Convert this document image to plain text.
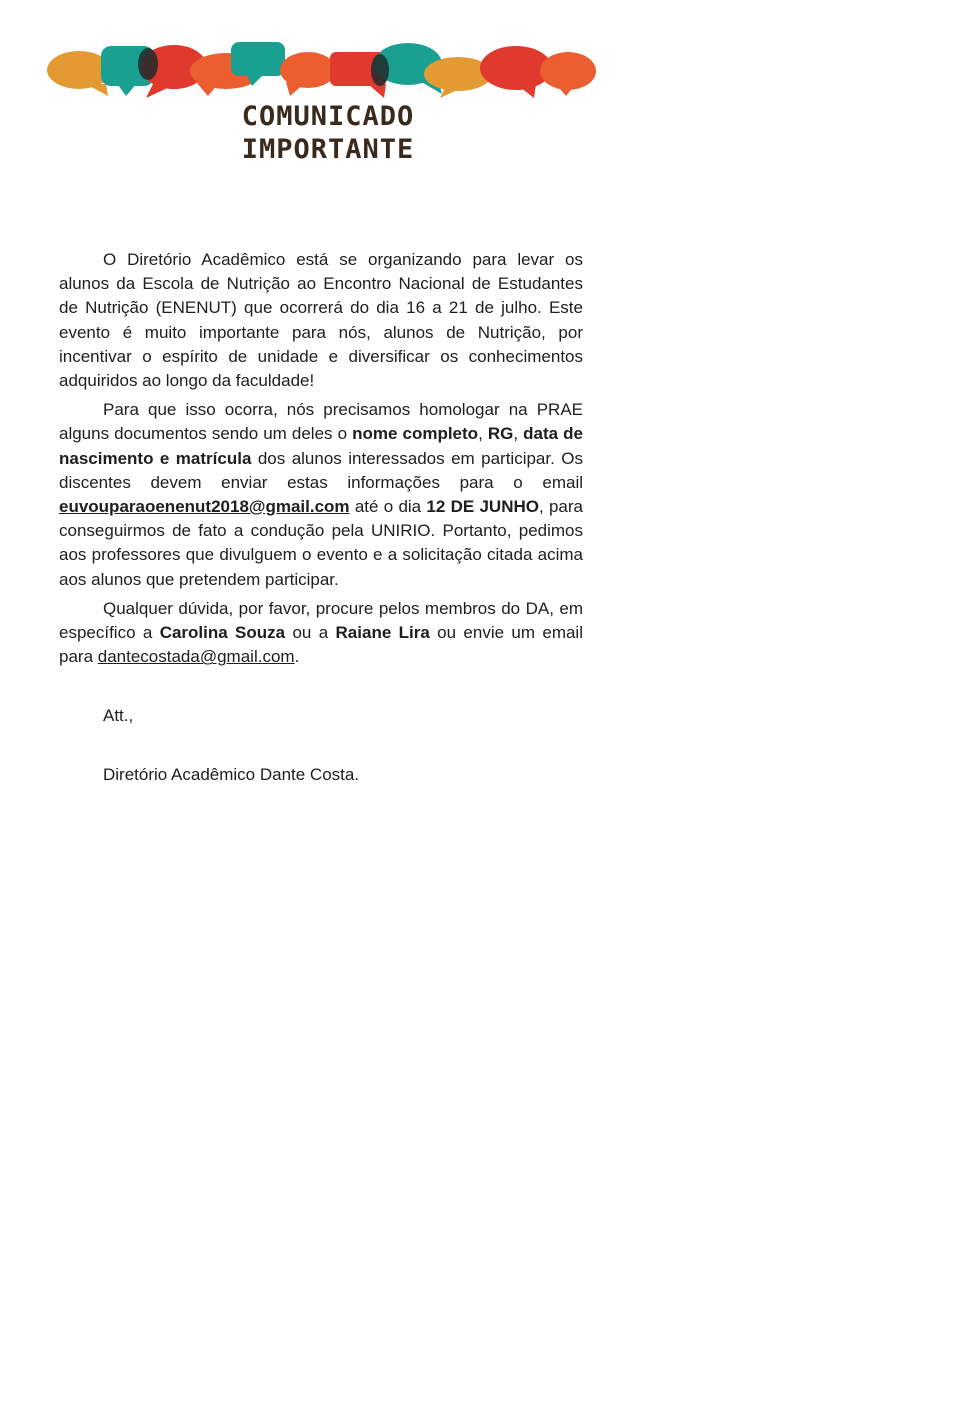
COMUNICADO
IMPORTANTE

O Diretório Acadêmico está se organizando para levar os alunos da Escola de Nutrição ao Encontro Nacional de Estudantes de Nutrição (ENENUT) que ocorrerá do dia 16 a 21 de julho. Este evento é muito importante para nós, alunos de Nutrição, por incentivar o espírito de unidade e diversificar os conhecimentos adquiridos ao longo da faculdade!

Para que isso ocorra, nós precisamos homologar na PRAE alguns documentos sendo um deles o nome completo, RG, data de nascimento e matrícula dos alunos interessados em participar. Os discentes devem enviar estas informações para o email euvouparaoenenut2018@gmail.com até o dia 12 DE JUNHO, para conseguirmos de fato a condução pela UNIRIO. Portanto, pedimos aos professores que divulguem o evento e a solicitação citada acima aos alunos que pretendem participar.

Qualquer dúvida, por favor, procure pelos membros do DA, em específico a Carolina Souza ou a Raiane Lira ou envie um email para dantecostada@gmail.com.

Att.,

Diretório Acadêmico Dante Costa.
